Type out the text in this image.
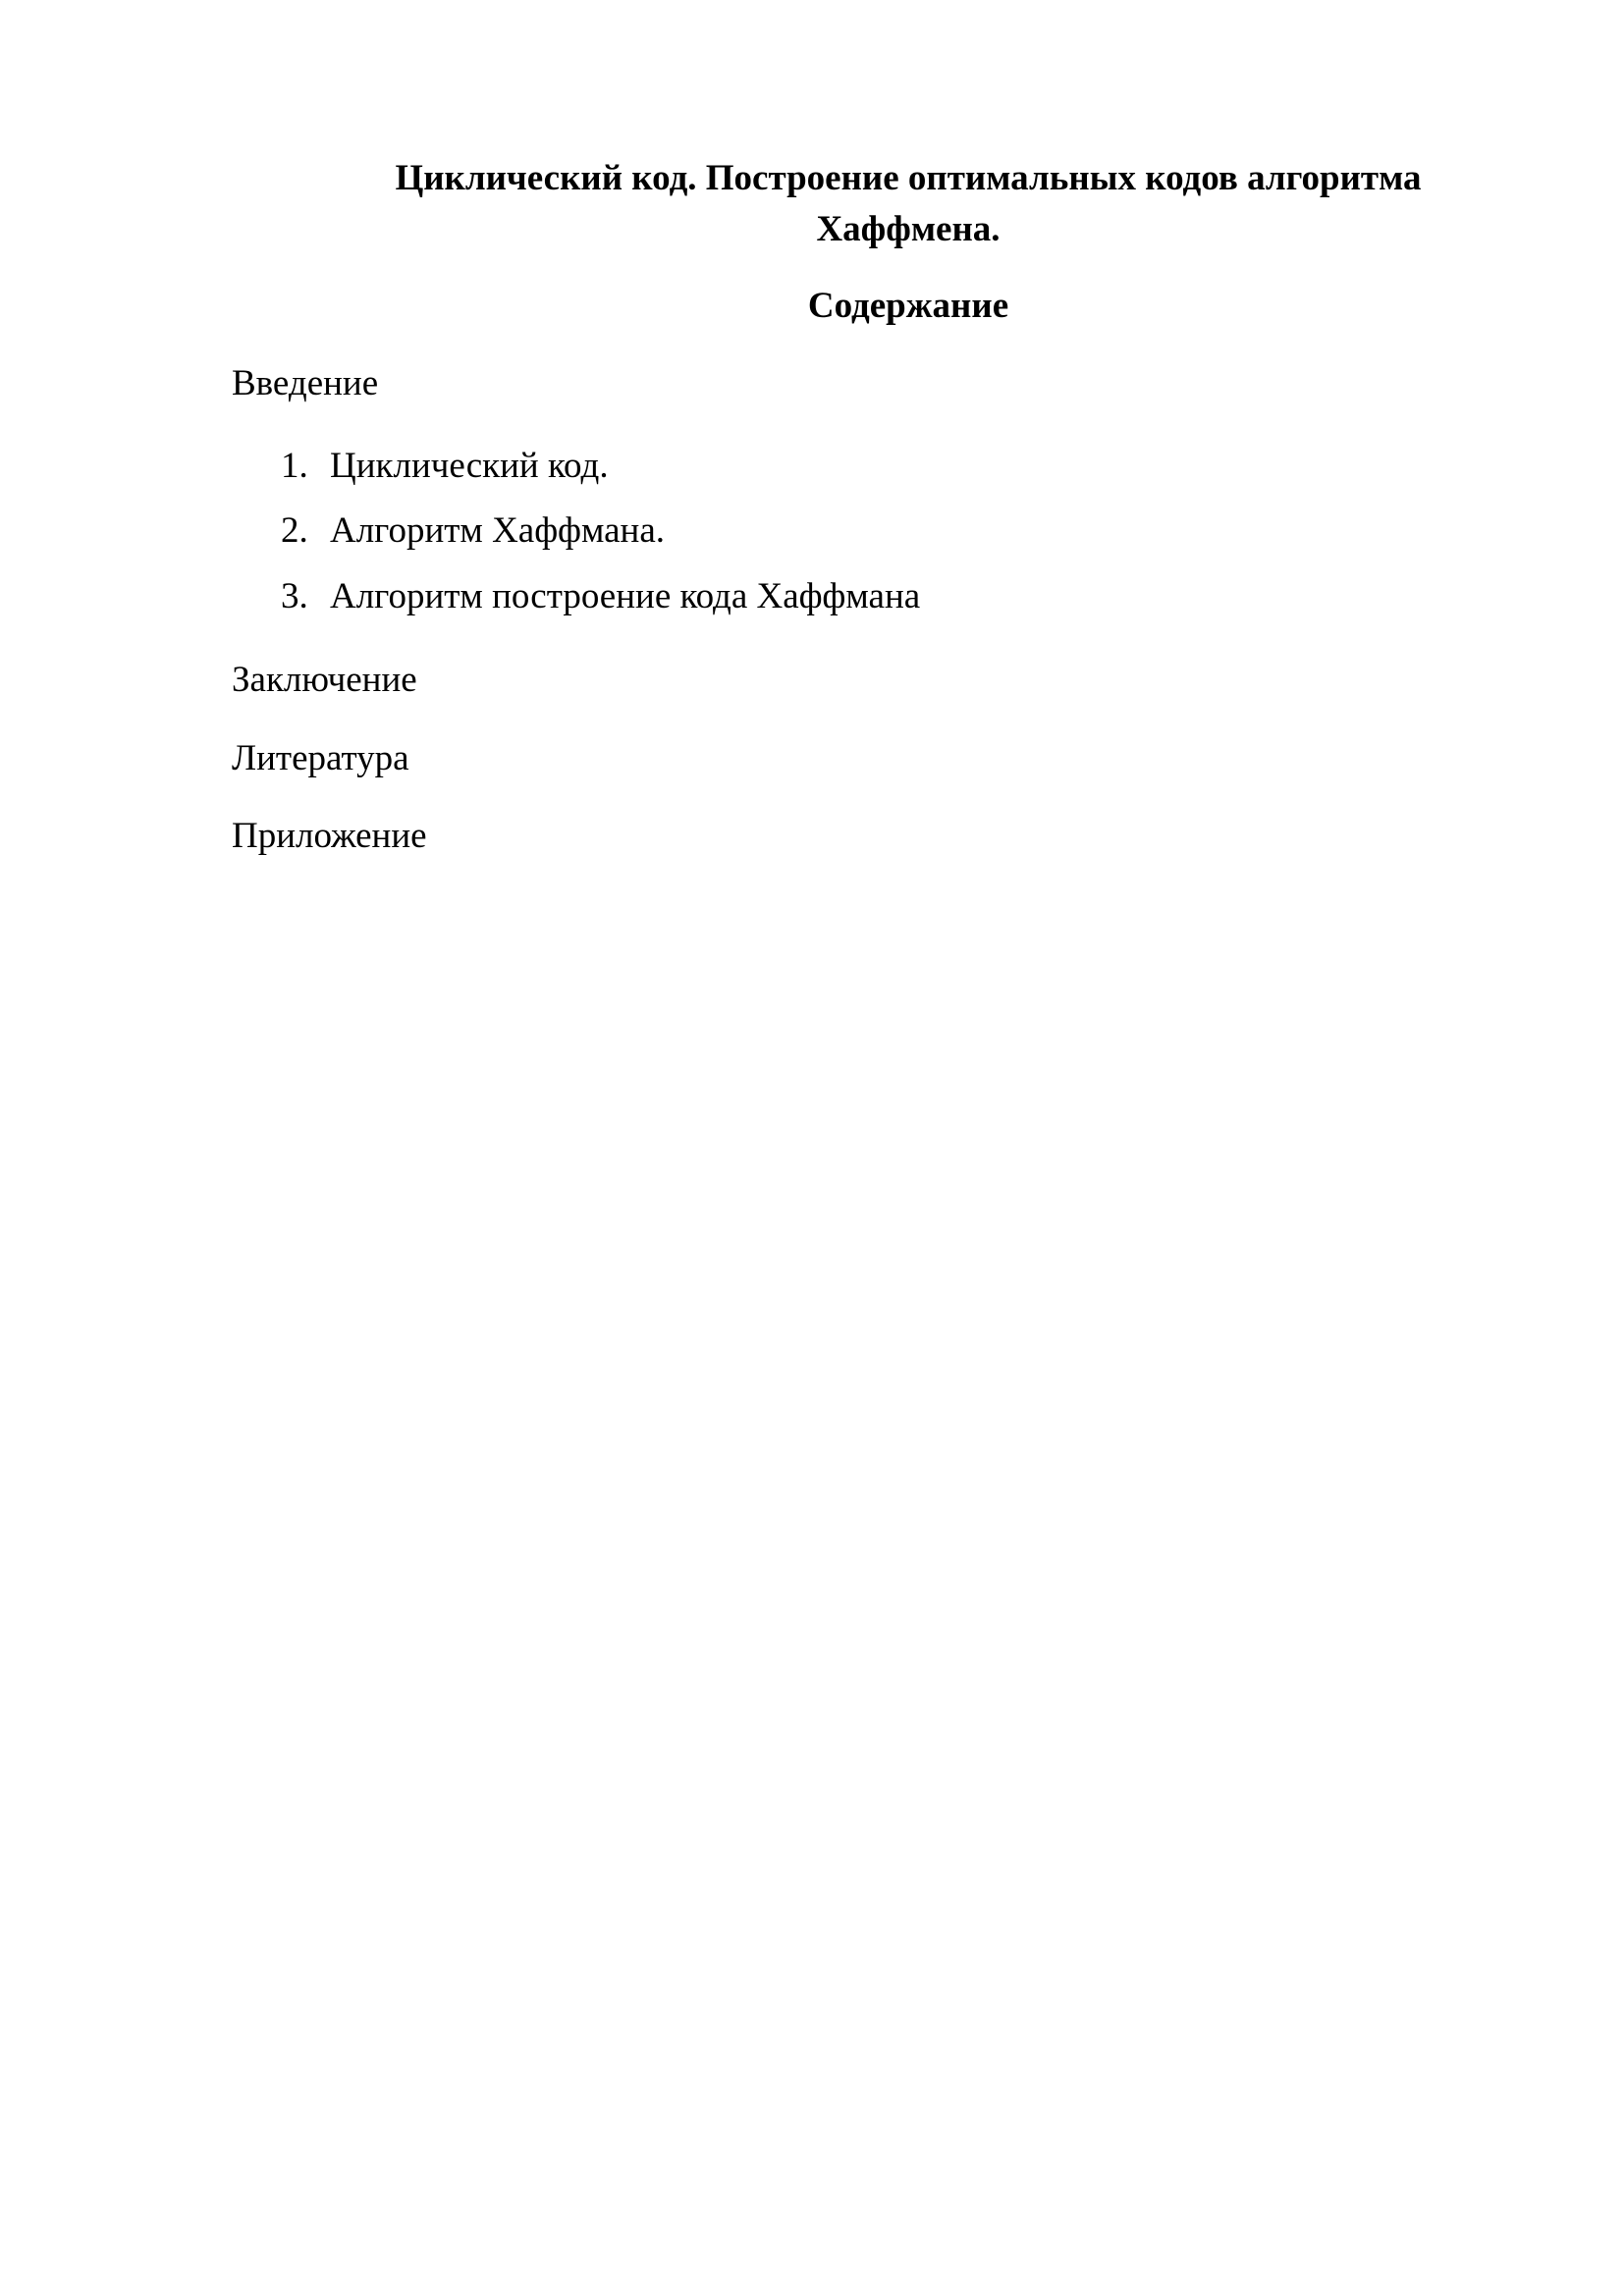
Циклический код. Построение оптимальных кодов алгоритма Хаффмена.
Содержание
Введение
1. Циклический код.
2. Алгоритм Хаффмана.
3. Алгоритм построение кода Хаффмана
Заключение
Литература
Приложение
